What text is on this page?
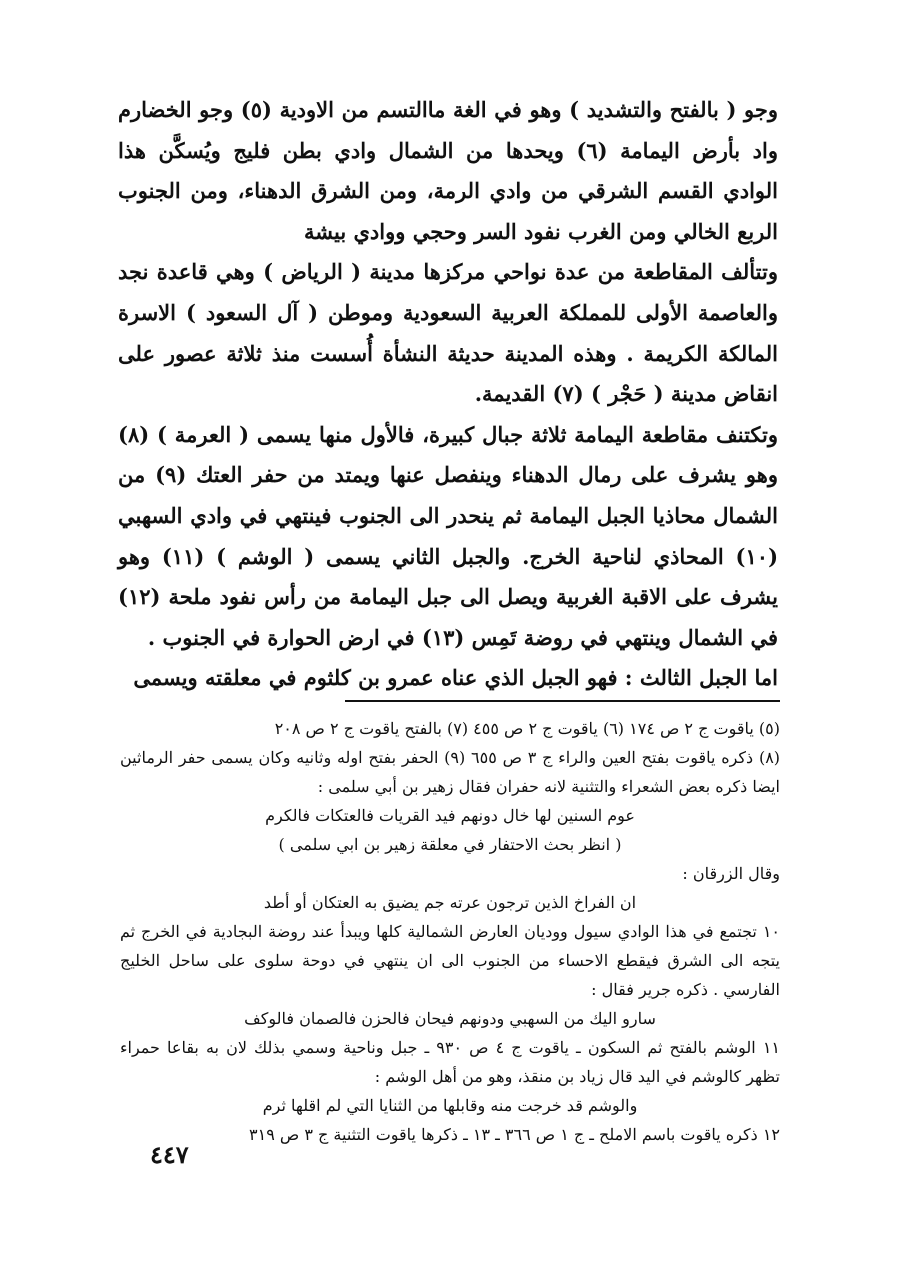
وجو ( بالفتح والتشديد ) وهو في الغة ماالتسم من الاودية (٥) وجو الخضارم واد بأرض اليمامة (٦) ويحدها من الشمال وادي بطن فليج ويُسكَّن هذا الوادي القسم الشرقي من وادي الرمة، ومن الشرق الدهناء، ومن الجنوب الربع الخالي ومن الغرب نفود السر وحجي ووادي بيشة

وتتألف المقاطعة من عدة نواحي مركزها مدينة ( الرياض ) وهي قاعدة نجد والعاصمة الأولى للمملكة العربية السعودية وموطن ( آل السعود ) الاسرة المالكة الكريمة . وهذه المدينة حديثة النشأة أُسست منذ ثلاثة عصور على انقاض مدينة ( حَجْر ) (٧) القديمة.

وتكتنف مقاطعة اليمامة ثلاثة جبال كبيرة، فالأول منها يسمى ( العرمة ) (٨) وهو يشرف على رمال الدهناء وينفصل عنها ويمتد من حفر العتك (٩) من الشمال محاذيا الجبل اليمامة ثم ينحدر الى الجنوب فينتهي في وادي السهبي (١٠) المحاذي لناحية الخرج. والجبل الثاني يسمى ( الوشم ) (١١) وهو يشرف على الاقبة الغربية ويصل الى جبل اليمامة من رأس نفود ملحة (١٢) في الشمال وينتهي في روضة تَمِس (١٣) في ارض الحوارة في الجنوب .

اما الجبل الثالث : فهو الجبل الذي عناه عمرو بن كلثوم في معلقته ويسمى

(٥) ياقوت ج ٢ ص ١٧٤ (٦) ياقوت ج ٢ ص ٤٥٥ (٧) بالفتح ياقوت ج ٢ ص ٢٠٨

(٨) ذكره ياقوت بفتح العين والراء ج ٣ ص ٦٥٥ (٩) الحفر بفتح اوله وثانيه وكان يسمى حفر الرماثين ايضا ذكره بعض الشعراء والتثنية لانه حفران فقال زهير بن أبي سلمى :

عوم السنين لها خال دونهم فيد القريات فالعتكات فالكرم

( انظر بحث الاحتفار في معلقة زهير بن ابي سلمى )

وقال الزرقان :

ان الفراخ الذين ترجون عرته جم يضيق به العتكان أو أطد

١٠ تجتمع في هذا الوادي سيول ووديان العارض الشمالية كلها ويبدأ عند روضة البجادية في الخرج ثم يتجه الى الشرق فيقطع الاحساء من الجنوب الى ان ينتهي في دوحة سلوى على ساحل الخليج الفارسي . ذكره جرير فقال :

سارو اليك من السهبي ودونهم فيحان فالحزن فالصمان فالوكف

١١ الوشم بالفتح ثم السكون ـ ياقوت ج ٤ ص ٩٣٠ ـ جبل وناحية وسمي بذلك لان به بقاعا حمراء تظهر كالوشم في اليد قال زياد بن منقذ، وهو من أهل الوشم :

والوشم قد خرجت منه وقابلها من الثنايا التي لم اقلها ثرم

١٢ ذكره ياقوت باسم الاملح ـ ج ١ ص ٣٦٦ ـ ١٣ ـ ذكرها ياقوت التثنية ج ٣ ص ٣١٩

٤٤٧
